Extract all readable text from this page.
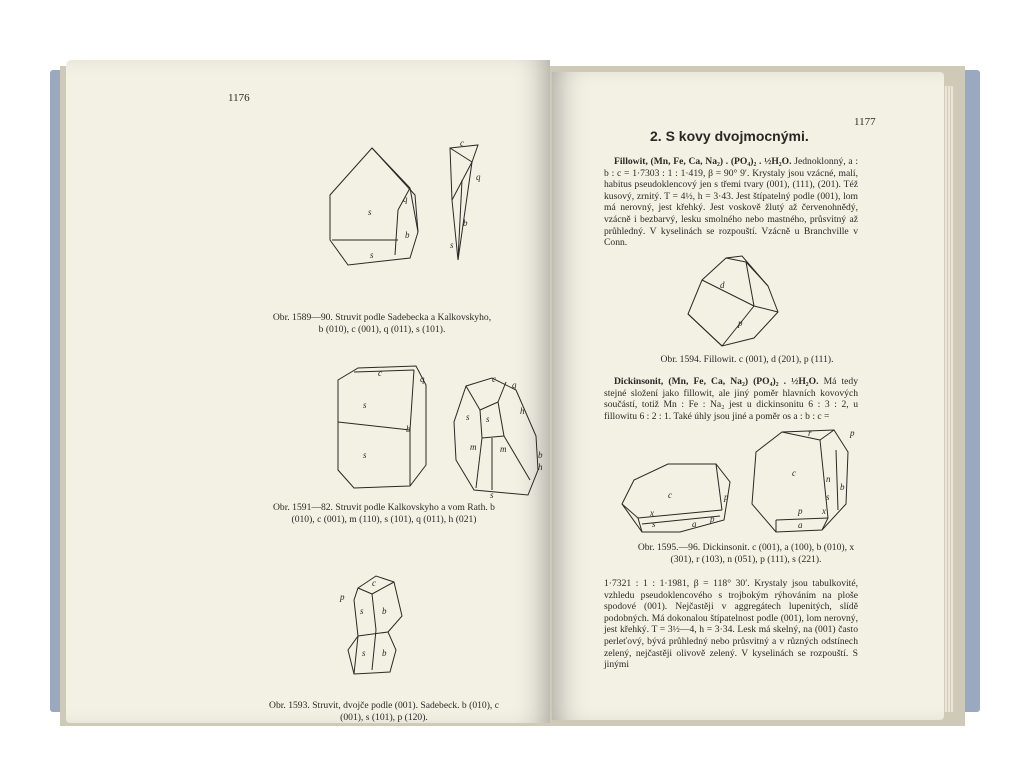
1176
s
q
b
s
c
q
b
s
Obr. 1589—90. Struvit podle Sadebecka a Kalkovskyho, b (010), c (001), q (011), s (101).
c
q
s
b
s
c
q
s s
h
m	m
b
h
s
Obr. 1591—82. Struvit podle Kalkovskyho a vom Rath. b (010), c (001), m (110), s (101), q (011), h (021)
c
p
s b
s b
Obr. 1593. Struvit, dvojče podle (001). Sadebeck. b (010), c (001), s (101), p (120).
1177
2. S kovy dvojmocnými.
Fillowit, (Mn, Fe, Ca, Na₂) . (PO₄)₂ . ½H₂O. Jednoklonný, a : b : c = 1·7303 : 1 : 1·419, β = 90° 9′. Krystaly jsou vzácné, malí, habitus pseudoklencový jen s třemi tvary (001), (111), (201). Též kusový, zrnitý. T = 4½, h = 3·43. Jest štípatelný podle (001), lom má nerovný, jest křehký. Jest voskově žlutý až červenohnědý, vzácně i bezbarvý, lesku smolného nebo mastného, průsvitný až průhledný. V kyselinách se rozpouští. Vzácně u Branchville v Conn.
d
p
Obr. 1594. Fillowit. c (001), d (201), p (111).
Dickinsonit, (Mn, Fe, Ca, Na₂) (PO₄)₂ . ½H₂O. Má tedy stejné složení jako fillowit, ale jiný poměr hlavních kovových součástí, totiž Mn : Fe : Na₂ jest u dickinsonitu 6 : 3 : 2, u fillowitu 6 : 2 : 1. Také úhly jsou jiné a poměr os a : b : c =
c	p
x
s	a p
r	p
c
n
b
s
p x
a
Obr. 1595.—96. Dickinsonit. c (001), a (100), b (010), x (301), r (103), n (051), p (111), s (221).
1·7321 : 1 : 1·1981, β = 118° 30′. Krystaly jsou tabulkovité, vzhledu pseudoklencového s trojbokým rýhováním na ploše spodové (001). Nejčastěji v aggregátech lupenitých, slídě podobných. Má dokonalou štípatelnost podle (001), lom nerovný, jest křehký. T = 3½—4, h = 3·34. Lesk má skelný, na (001) často perleťový, bývá průhledný nebo průsvitný a v různých odstínech zelený, nejčastěji olivově zelený. V kyselinách se rozpouští. S jinými
